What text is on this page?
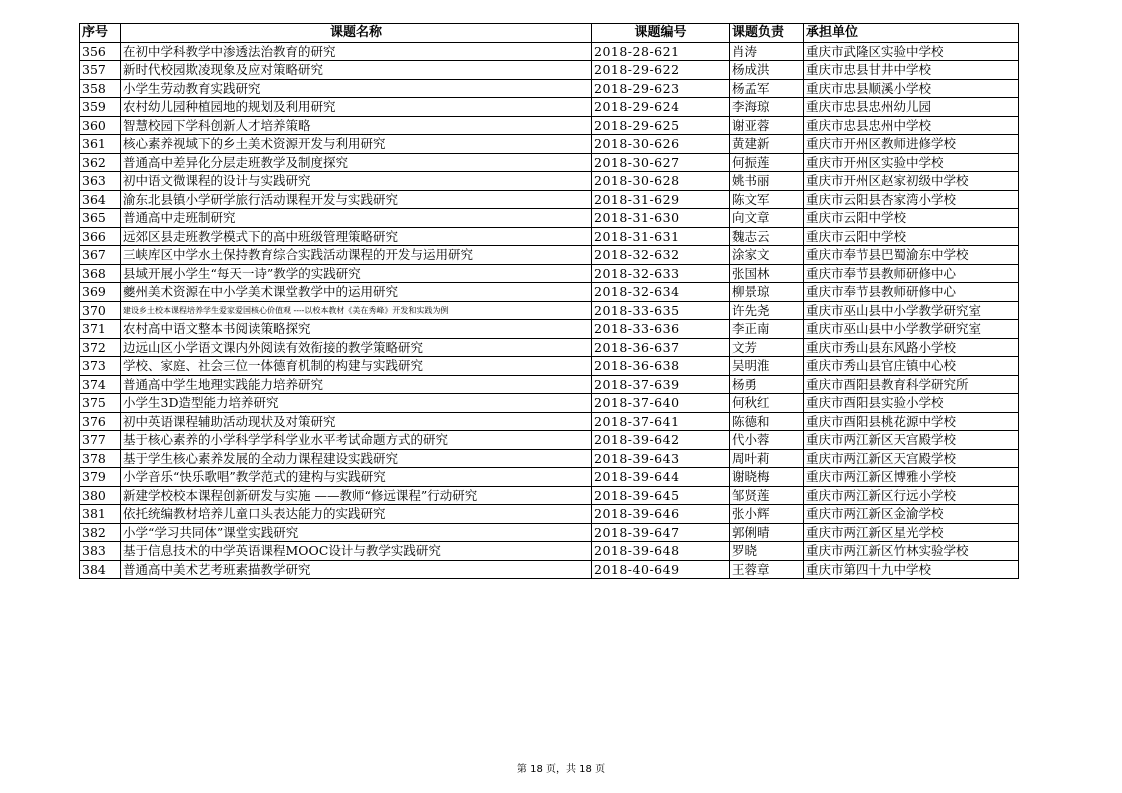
序号	课题名称	课题编号	课题负责	承担单位
356	在初中学科教学中渗透法治教育的研究	2018-28-621	肖涛	重庆市武隆区实验中学校
357	新时代校园欺凌现象及应对策略研究	2018-29-622	杨成洪	重庆市忠县甘井中学校
358	小学生劳动教育实践研究	2018-29-623	杨孟军	重庆市忠县顺溪小学校
359	农村幼儿园种植园地的规划及利用研究	2018-29-624	李海琼	重庆市忠县忠州幼儿园
360	智慧校园下学科创新人才培养策略	2018-29-625	谢亚蓉	重庆市忠县忠州中学校
361	核心素养视域下的乡土美术资源开发与利用研究	2018-30-626	黄建新	重庆市开州区教师进修学校
362	普通高中差异化分层走班教学及制度探究	2018-30-627	何振莲	重庆市开州区实验中学校
363	初中语文微课程的设计与实践研究	2018-30-628	姚书丽	重庆市开州区赵家初级中学校
364	渝东北县镇小学研学旅行活动课程开发与实践研究	2018-31-629	陈文军	重庆市云阳县杏家湾小学校
365	普通高中走班制研究	2018-31-630	向文章	重庆市云阳中学校
366	远郊区县走班教学模式下的高中班级管理策略研究	2018-31-631	魏志云	重庆市云阳中学校
367	三峡库区中学水土保持教育综合实践活动课程的开发与运用研究	2018-32-632	涂家文	重庆市奉节县巴蜀渝东中学校
368	县域开展小学生“每天一诗”教学的实践研究	2018-32-633	张国林	重庆市奉节县教师研修中心
369	夔州美术资源在中小学美术课堂教学中的运用研究	2018-32-634	柳景琼	重庆市奉节县教师研修中心
370	建设乡土校本课程培养学生爱家爱国核心价值观 ----以校本教材《美在秀峰》开发和实践为例	2018-33-635	许先尧	重庆市巫山县中小学教学研究室
371	农村高中语文整本书阅读策略探究	2018-33-636	李正南	重庆市巫山县中小学教学研究室
372	边远山区小学语文课内外阅读有效衔接的教学策略研究	2018-36-637	文芳	重庆市秀山县东风路小学校
373	学校、家庭、社会三位一体德育机制的构建与实践研究	2018-36-638	吴明淮	重庆市秀山县官庄镇中心校
374	普通高中学生地理实践能力培养研究	2018-37-639	杨勇	重庆市酉阳县教育科学研究所
375	小学生3D造型能力培养研究	2018-37-640	何秋红	重庆市酉阳县实验小学校
376	初中英语课程辅助活动现状及对策研究	2018-37-641	陈德和	重庆市酉阳县桃花源中学校
377	基于核心素养的小学科学学科学业水平考试命题方式的研究	2018-39-642	代小蓉	重庆市两江新区天宫殿学校
378	基于学生核心素养发展的全动力课程建设实践研究	2018-39-643	周叶莉	重庆市两江新区天宫殿学校
379	小学音乐“快乐歌唱”教学范式的建构与实践研究	2018-39-644	谢晓梅	重庆市两江新区博雅小学校
380	新建学校校本课程创新研发与实施 ——教师“修远课程”行动研究	2018-39-645	邹贤莲	重庆市两江新区行远小学校
381	依托统编教材培养儿童口头表达能力的实践研究	2018-39-646	张小辉	重庆市两江新区金渝学校
382	小学“学习共同体”课堂实践研究	2018-39-647	郭俐晴	重庆市两江新区星光学校
383	基于信息技术的中学英语课程MOOC设计与教学实践研究	2018-39-648	罗晓	重庆市两江新区竹林实验学校
384	普通高中美术艺考班素描教学研究	2018-40-649	王蓉章	重庆市第四十九中学校
第 18 页，共 18 页
